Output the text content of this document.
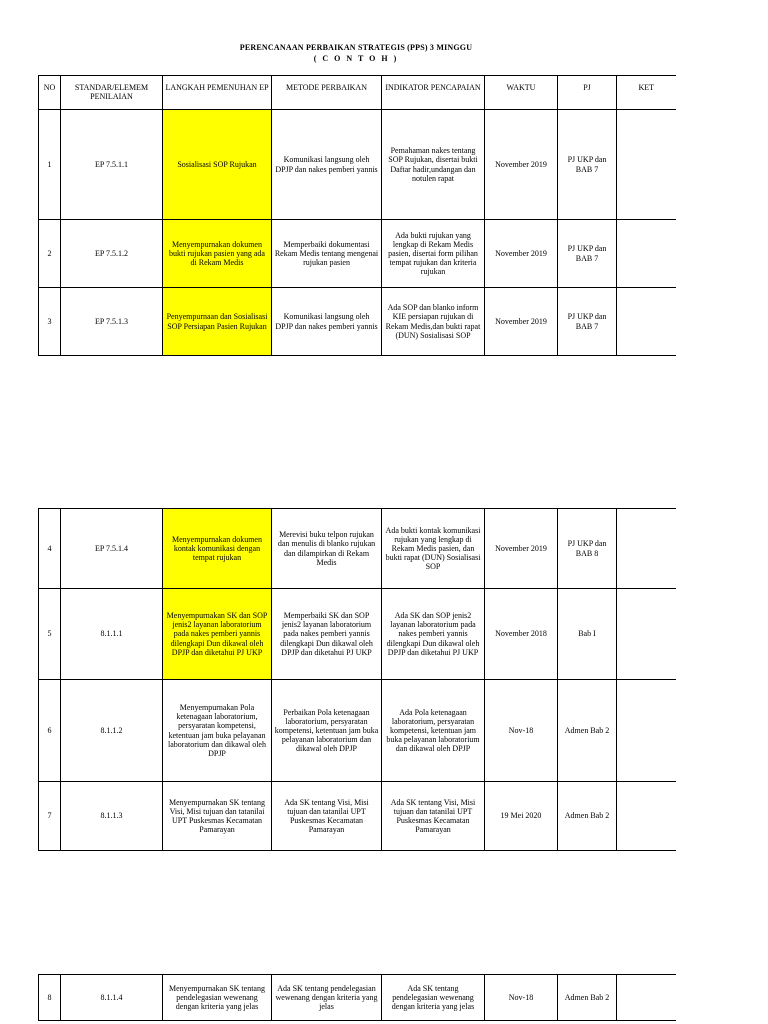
PERENCANAAN PERBAIKAN STRATEGIS (PPS) 3 MINGGU
( C O N T O H )
NO	STANDAR/ELEMEM PENILAIAN	LANGKAH PEMENUHAN EP	METODE PERBAIKAN	INDIKATOR PENCAPAIAN	WAKTU	PJ	KET
1	EP 7.5.1.1	Sosialisasi SOP Rujukan	Komunikasi langsung oleh DPJP dan nakes pemberi yannis	Pemahaman nakes tentang SOP Rujukan, disertai bukti Daftar hadir,undangan dan notulen rapat	November 2019	PJ UKP dan BAB 7	
2	EP 7.5.1.2	Menyempurnakan dokumen bukti rujukan pasien yang ada di Rekam Medis	Memperbaiki dokumentasi Rekam Medis tentang mengenai rujukan pasien	Ada bukti rujukan yang lengkap di Rekam Medis pasien, disertai form pilihan tempat rujukan dan kriteria rujukan	November 2019	PJ UKP dan BAB 7	
3	EP 7.5.1.3	Penyempurnaan dan Sosialisasi SOP Persiapan Pasien Rujukan	Komunikasi langsung oleh DPJP dan nakes pemberi yannis	Ada SOP dan blanko inform KIE persiapan rujukan di Rekam Medis,dan bukti rapat (DUN) Sosialisasi SOP	November 2019	PJ UKP dan BAB 7	
4	EP 7.5.1.4	Menyempurnakan dokumen kontak komunikasi dengan tempat rujukan	Merevisi buku telpon rujukan dan menulis di blanko rujukan dan dilampirkan di Rekam Medis	Ada bukti kontak komunikasi rujukan yang lengkap di Rekam Medis pasien, dan bukti rapat (DUN) Sosialisasi SOP	November 2019	PJ UKP dan BAB 8	
5	8.1.1.1	Menyempurnakan SK dan SOP jenis2 layanan laboratorium pada nakes pemberi yannis dilengkapi Dun dikawal oleh DPJP dan diketahui PJ UKP	Memperbaiki SK dan SOP jenis2 layanan laboratorium pada nakes pemberi yannis dilengkapi Dun dikawal oleh DPJP dan diketahui PJ UKP	Ada SK dan SOP jenis2 layanan laboratorium pada nakes pemberi yannis dilengkapi Dun dikawal oleh DPJP dan diketahui PJ UKP	November 2018	Bab I	
6	8.1.1.2	Menyempurnakan Pola ketenagaan laboratorium, persyaratan kompetensi, ketentuan jam buka pelayanan laboratorium dan dikawal oleh DPJP	Perbaikan Pola ketenagaan laboratorium, persyaratan kompetensi, ketentuan jam buka pelayanan laboratorium dan dikawal oleh DPJP	Ada Pola ketenagaan laboratorium, persyaratan kompetensi, ketentuan jam buka pelayanan laboratorium dan dikawal oleh DPJP	Nov-18	Admen Bab 2	
7	8.1.1.3	Menyempurnakan SK tentang Visi, Misi tujuan dan tatanilai UPT Puskesmas Kecamatan Pamarayan	Ada SK tentang Visi, Misi tujuan dan tatanilai UPT Puskesmas Kecamatan Pamarayan	Ada SK tentang Visi, Misi tujuan dan tatanilai UPT Puskesmas Kecamatan Pamarayan	19 Mei 2020	Admen Bab 2	
8	8.1.1.4	Menyempurnakan SK tentang pendelegasian wewenang dengan kriteria yang jelas	Ada SK tentang pendelegasian wewenang dengan kriteria yang jelas	Ada SK tentang pendelegasian wewenang dengan kriteria yang jelas	Nov-18	Admen Bab 2	
